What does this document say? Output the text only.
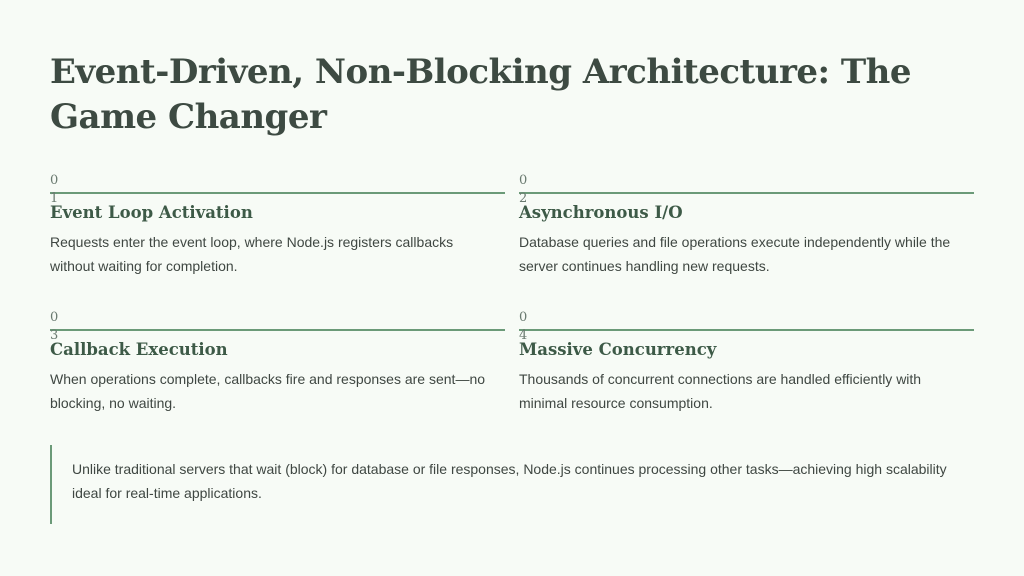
Event-Driven, Non-Blocking Architecture: The Game Changer
01
Event Loop Activation
Requests enter the event loop, where Node.js registers callbacks without waiting for completion.
02
Asynchronous I/O
Database queries and file operations execute independently while the server continues handling new requests.
03
Callback Execution
When operations complete, callbacks fire and responses are sent—no blocking, no waiting.
04
Massive Concurrency
Thousands of concurrent connections are handled efficiently with minimal resource consumption.
Unlike traditional servers that wait (block) for database or file responses, Node.js continues processing other tasks—achieving high scalability ideal for real-time applications.
